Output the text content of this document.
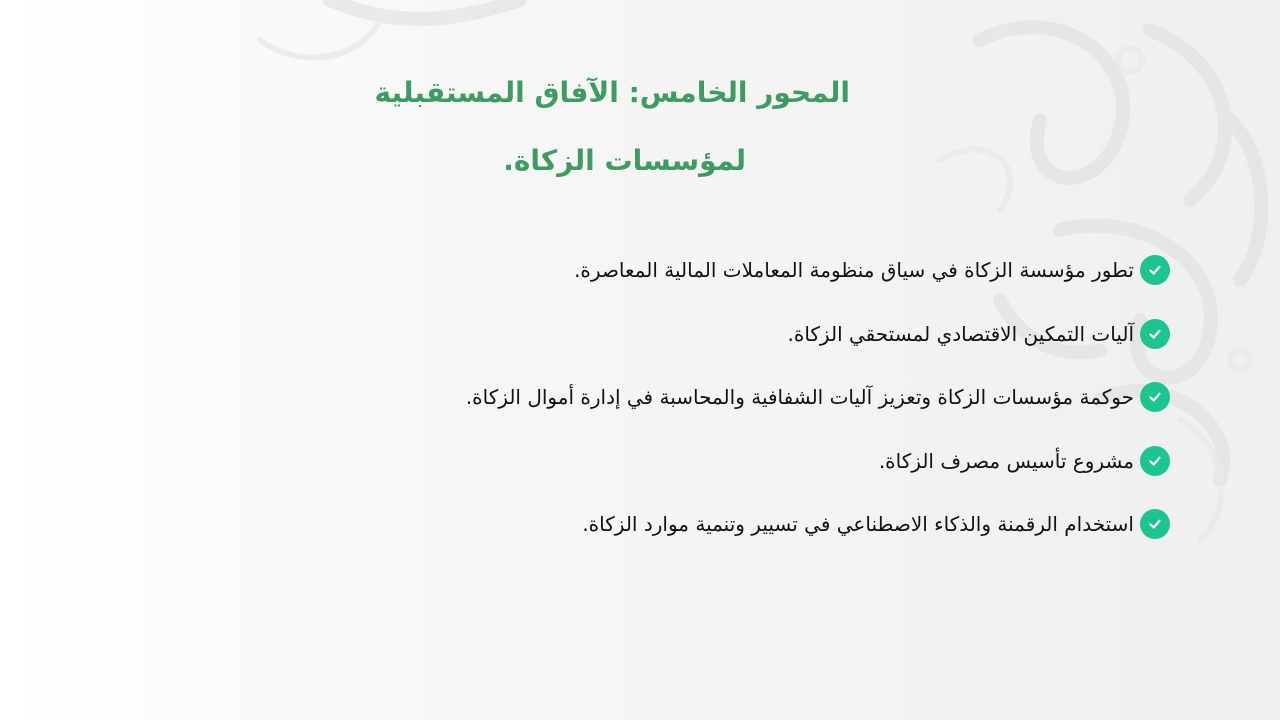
المحور الخامس: الآفاق المستقبلية
لمؤسسات الزكاة.
تطور مؤسسة الزكاة في سياق منظومة المعاملات المالية المعاصرة.
آليات التمكين الاقتصادي لمستحقي الزكاة.
حوكمة مؤسسات الزكاة وتعزيز آليات الشفافية والمحاسبة في إدارة أموال الزكاة.
مشروع تأسيس مصرف الزكاة.
استخدام الرقمنة والذكاء الاصطناعي في تسيير وتنمية موارد الزكاة.
